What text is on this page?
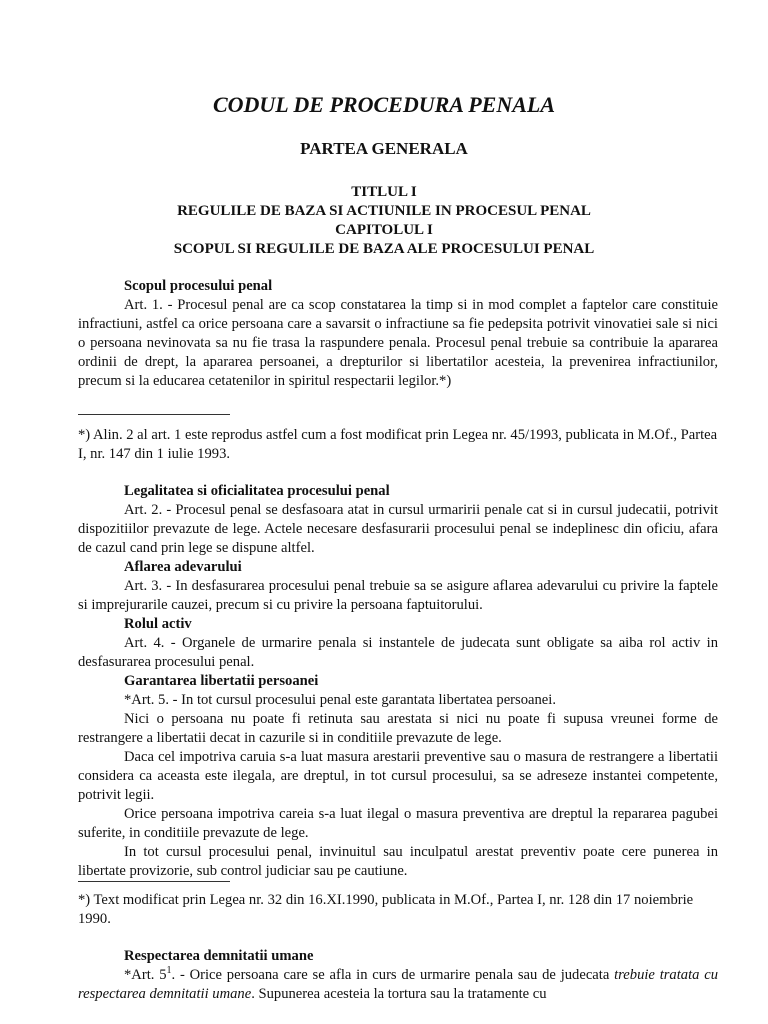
CODUL DE PROCEDURA PENALA
PARTEA GENERALA
TITLUL I
REGULILE DE BAZA SI ACTIUNILE IN PROCESUL PENAL
CAPITOLUL I
SCOPUL SI REGULILE DE BAZA ALE PROCESULUI PENAL
Scopul procesului penal
Art. 1. - Procesul penal are ca scop constatarea la timp si in mod complet a faptelor care constituie infractiuni, astfel ca orice persoana care a savarsit o infractiune sa fie pedepsita potrivit vinovatiei sale si nici o persoana nevinovata sa nu fie trasa la raspundere penala. Procesul penal trebuie sa contribuie la apararea ordinii de drept, la apararea persoanei, a drepturilor si libertatilor acesteia, la prevenirea infractiunilor, precum si la educarea cetatenilor in spiritul respectarii legilor.*)
*) Alin. 2 al art. 1 este reprodus astfel cum a fost modificat prin Legea nr. 45/1993, publicata in M.Of., Partea I, nr. 147 din 1 iulie 1993.
Legalitatea si oficialitatea procesului penal
Art. 2. - Procesul penal se desfasoara atat in cursul urmaririi penale cat si in cursul judecatii, potrivit dispozitiilor prevazute de lege. Actele necesare desfasurarii procesului penal se indeplinesc din oficiu, afara de cazul cand prin lege se dispune altfel.
Aflarea adevarului
Art. 3. - In desfasurarea procesului penal trebuie sa se asigure aflarea adevarului cu privire la faptele si imprejurarile cauzei, precum si cu privire la persoana faptuitorului.
Rolul activ
Art. 4. - Organele de urmarire penala si instantele de judecata sunt obligate sa aiba rol activ in desfasurarea procesului penal.
Garantarea libertatii persoanei
*Art. 5. - In tot cursul procesului penal este garantata libertatea persoanei.
Nici o persoana nu poate fi retinuta sau arestata si nici nu poate fi supusa vreunei forme de restrangere a libertatii decat in cazurile si in conditiile prevazute de lege.
Daca cel impotriva caruia s-a luat masura arestarii preventive sau o masura de restrangere a libertatii considera ca aceasta este ilegala, are dreptul, in tot cursul procesului, sa se adreseze instantei competente, potrivit legii.
Orice persoana impotriva careia s-a luat ilegal o masura preventiva are dreptul la repararea pagubei suferite, in conditiile prevazute de lege.
In tot cursul procesului penal, invinuitul sau inculpatul arestat preventiv poate cere punerea in libertate provizorie, sub control judiciar sau pe cautiune.
*) Text modificat prin Legea nr. 32 din 16.XI.1990, publicata in M.Of., Partea I, nr. 128 din 17 noiembrie 1990.
Respectarea demnitatii umane
*Art. $5^1$. - Orice persoana care se afla in curs de urmarire penala sau de judecata trebuie tratata cu respectarea demnitatii umane. Supunerea acesteia la tortura sau la tratamente cu
